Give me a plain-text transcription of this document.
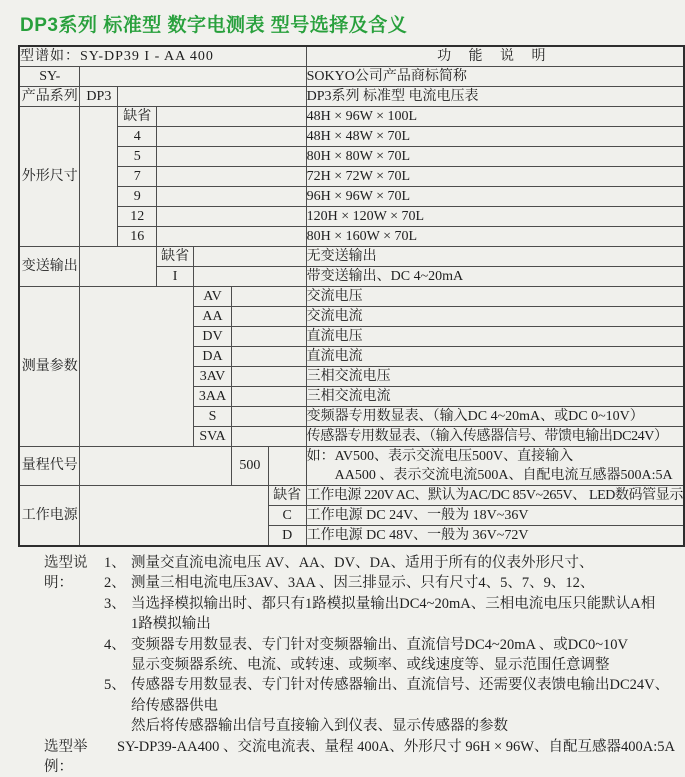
DP3系列 标准型 数字电测表 型号选择及含义
型谱如：SY-DP39 I - AA 400							功 能 说 明
SY-							SOKYO公司产品商标简称
产品系列	DP3						DP3系列 标准型 电流电压表
外形尺寸		缺省					48H × 96W × 100L
		4					48H × 48W × 70L
		5					80H × 80W × 70L
		7					72H × 72W × 70L
		9					96H × 96W × 70L
		12					120H × 120W × 70L
		16					80H × 160W × 70L
变送输出			缺省				无变送输出
			I				带变送输出、DC 4~20mA
测量参数				AV			交流电压
				AA			交流电流
				DV			直流电压
				DA			直流电流
				3AV			三相交流电压
				3AA			三相交流电流
				S			变频器专用数显表、（输入DC 4~20mA、或DC 0~10V）
				SVA			传感器专用数显表、（输入传感器信号、带馈电输出DC24V）
量程代号					500		如：AV500、表示交流电压500V、直接输入
AA500 、表示交流电流500A、自配电流互感器500A:5A

工作电源						缺省	工作电源 220V AC、默认为AC/DC 85V~265V、 LED数码管显示
						C	工作电源 DC 24V、一般为 18V~36V
						D	工作电源 DC 48V、一般为 36V~72V
选型说明：
1、 测量交直流电流电压 AV、AA、DV、DA、适用于所有的仪表外形尺寸、
2、 测量三相电流电压3AV、3AA 、因三排显示、只有尺寸4、5、7、9、12、
3、 当选择模拟输出时、都只有1路模拟量输出DC4~20mA、三相电流电压只能默认A相
1路模拟输出
4、 变频器专用数显表、专门针对变频器输出、直流信号DC4~20mA 、或DC0~10V
显示变频器系统、电流、或转速、或频率、或线速度等、显示范围任意调整
5、 传感器专用数显表、专门针对传感器输出、直流信号、还需要仪表馈电输出DC24V、
给传感器供电
然后将传感器输出信号直接输入到仪表、显示传感器的参数
选型举例：
SY-DP39-AA400 、交流电流表、量程 400A、外形尺寸 96H × 96W、自配互感器400A:5A
